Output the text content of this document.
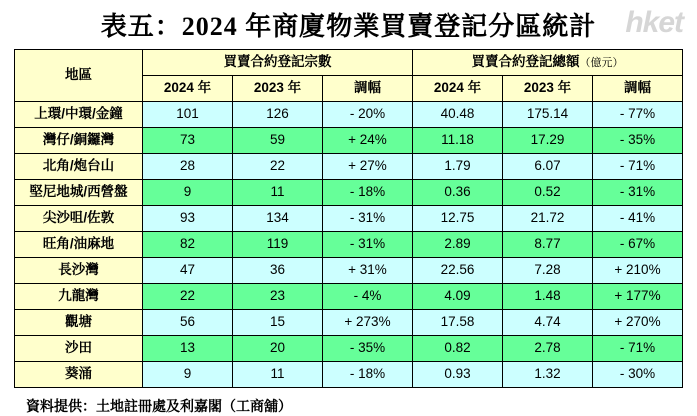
hket
表五：2024 年商廈物業買賣登記分區統計
地區	買賣合約登記宗數			買賣合約登記總額（億元）		
	2024 年	2023 年	調幅	2024 年	2023 年	調幅
上環/中環/金鐘	101	126	- 20%	40.48	175.14	- 77%
灣仔/銅鑼灣	73	59	+ 24%	11.18	17.29	- 35%
北角/炮台山	28	22	+ 27%	1.79	6.07	- 71%
堅尼地城/西營盤	9	11	- 18%	0.36	0.52	- 31%
尖沙咀/佐敦	93	134	- 31%	12.75	21.72	- 41%
旺角/油麻地	82	119	- 31%	2.89	8.77	- 67%
長沙灣	47	36	+ 31%	22.56	7.28	+ 210%
九龍灣	22	23	- 4%	4.09	1.48	+ 177%
觀塘	56	15	+ 273%	17.58	4.74	+ 270%
沙田	13	20	- 35%	0.82	2.78	- 71%
葵涌	9	11	- 18%	0.93	1.32	- 30%
資料提供：土地註冊處及利嘉閣（工商舖）
